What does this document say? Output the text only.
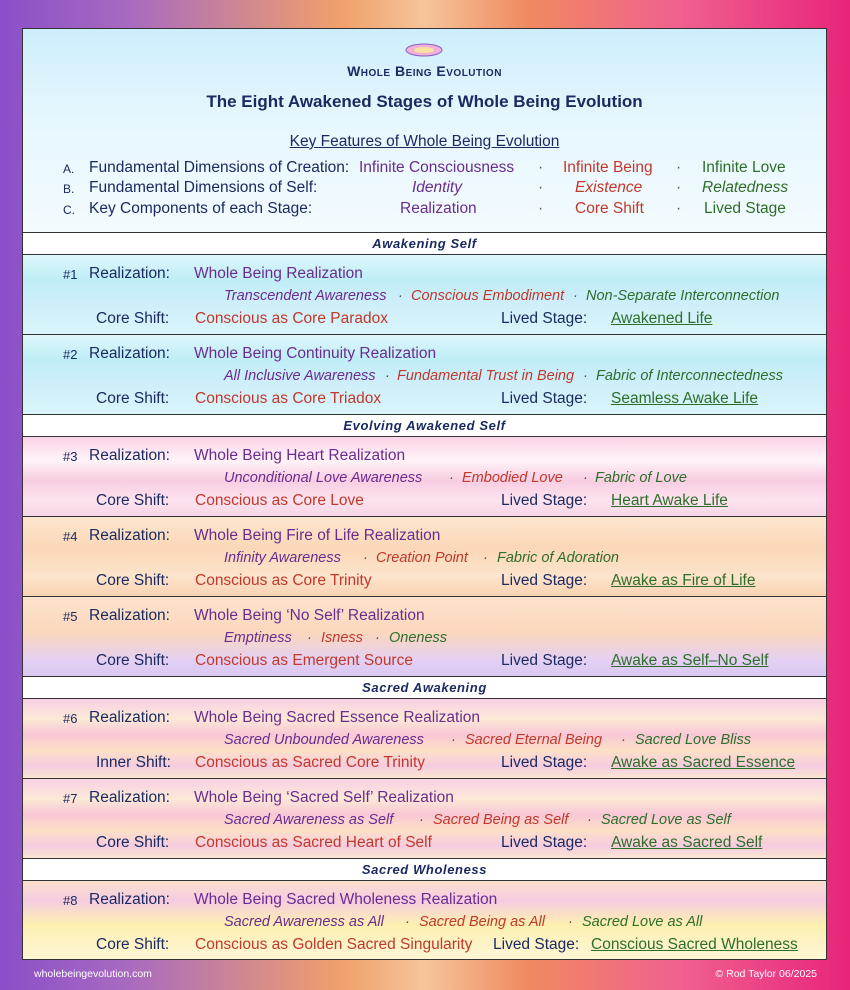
Whole Being Evolution
The Eight Awakened Stages of Whole Being Evolution
Key Features of Whole Being Evolution
A. Fundamental Dimensions of Creation: Infinite Consciousness · Infinite Being · Infinite Love
B. Fundamental Dimensions of Self:	Identity	· Existence · Relatedness
C. Key Components of each Stage:	Realization	· Core Shift · Lived Stage
Awakening Self
#1 Realization: Whole Being Realization
Transcendent Awareness · Conscious Embodiment · Non-Separate Interconnection
Core Shift: Conscious as Core Paradox	Lived Stage: Awakened Life
#2 Realization: Whole Being Continuity Realization
All Inclusive Awareness · Fundamental Trust in Being · Fabric of Interconnectedness
Core Shift: Conscious as Core Triadox	Lived Stage: Seamless Awake Life
Evolving Awakened Self
#3 Realization: Whole Being Heart Realization
Unconditional Love Awareness · Embodied Love · Fabric of Love
Core Shift: Conscious as Core Love	Lived Stage: Heart Awake Life
#4 Realization: Whole Being Fire of Life Realization
Infinity Awareness · Creation Point · Fabric of Adoration
Core Shift: Conscious as Core Trinity	Lived Stage: Awake as Fire of Life
#5 Realization: Whole Being ‘No Self’ Realization
Emptiness · Isness · Oneness
Core Shift: Conscious as Emergent Source	Lived Stage: Awake as Self–No Self
Sacred Awakening
#6 Realization: Whole Being Sacred Essence Realization
Sacred Unbounded Awareness · Sacred Eternal Being · Sacred Love Bliss
Inner Shift: Conscious as Sacred Core Trinity	Lived Stage: Awake as Sacred Essence
#7 Realization: Whole Being ‘Sacred Self’ Realization
Sacred Awareness as Self · Sacred Being as Self · Sacred Love as Self
Core Shift: Conscious as Sacred Heart of Self	Lived Stage: Awake as Sacred Self
Sacred Wholeness
#8 Realization: Whole Being Sacred Wholeness Realization
Sacred Awareness as All · Sacred Being as All · Sacred Love as All
Core Shift: Conscious as Golden Sacred Singularity Lived Stage: Conscious Sacred Wholeness
wholebeingevolution.com	© Rod Taylor 06/2025
